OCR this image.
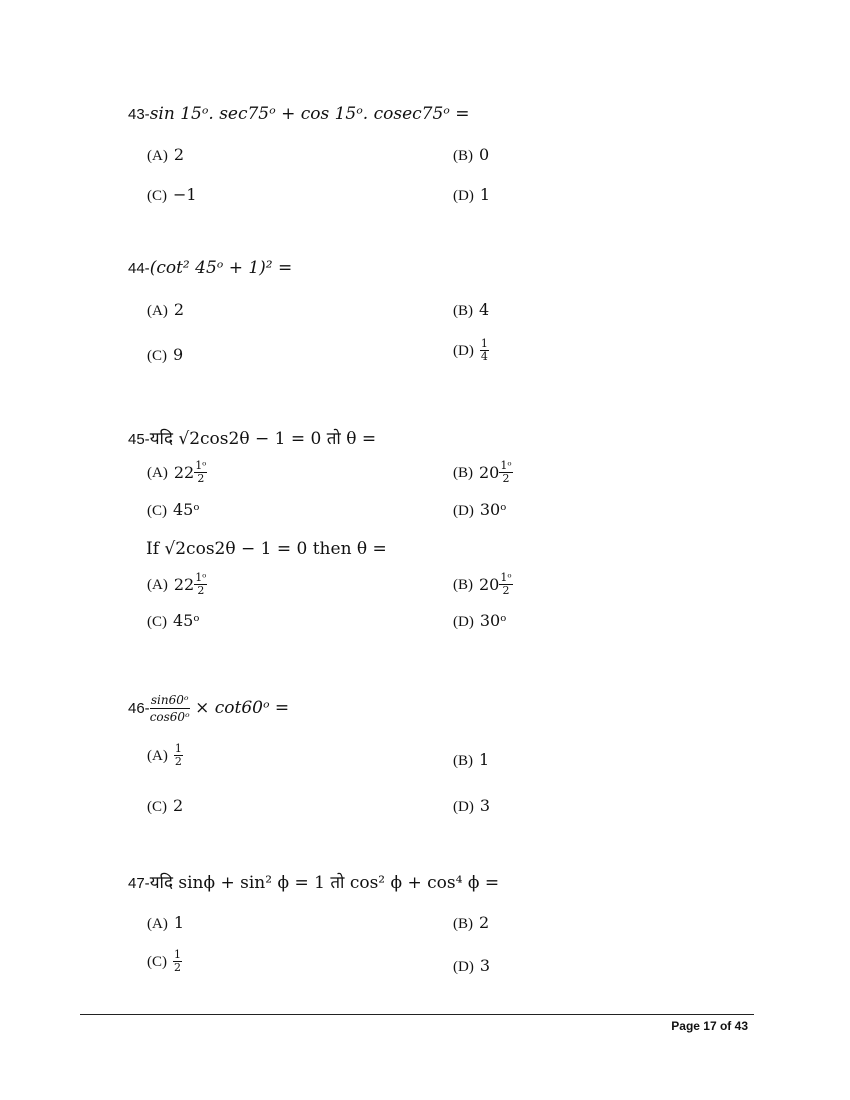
43-sin 15ᵒ. sec75ᵒ + cos 15ᵒ. cosec75ᵒ =
(A) 2	(B) 0
(C) −1	(D) 1
44-(cot² 45ᵒ + 1)² =
(A) 2	(B) 4
(C) 9	$(D) \frac{1}{4}$
45-यदि √2cos2θ − 1 = 0 तो θ =
(A) $22 \frac{\text{1ᵒ}}{2}$	(B) $20 \frac{\text{1ᵒ}}{2}$
(C) 45ᵒ	(D) 30ᵒ
If √2cos2θ − 1 = 0 then θ =
(A) $22 \frac{\text{1ᵒ}}{2}$	(B) $20 \frac{\text{1ᵒ}}{2}$
(C) 45ᵒ	(D) 30ᵒ
$46- \frac{\text{sin60ᵒ}}{\text{cos60ᵒ}}$ × cot60ᵒ =
$(A) \frac{1}{2}$	(B) 1
(C) 2	(D) 3
47-यदि sinϕ + sin² ϕ = 1 तो cos² ϕ + cos⁴ ϕ =
(A) 1	(B) 2
$(C) \frac{1}{2}$	(D) 3
Page 17 of 43
